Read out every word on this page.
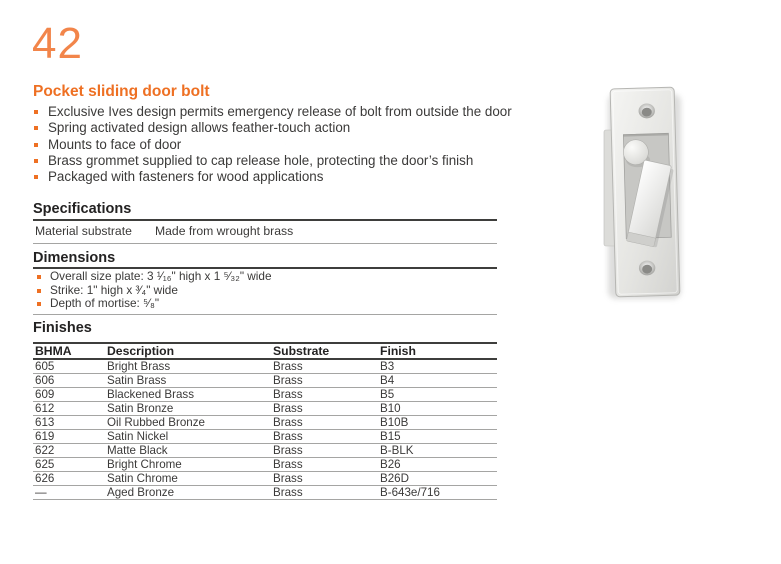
42
Pocket sliding door bolt
Exclusive Ives design permits emergency release of bolt from outside the door
Spring activated design allows feather-touch action
Mounts to face of door
Brass grommet supplied to cap release hole, protecting the door’s finish
Packaged with fasteners for wood applications
Specifications
Material substrate	Made from wrought brass
Dimensions
Overall size plate: 3 ¹⁄₁₆" high x 1 ⁵⁄₃₂" wide
Strike: 1" high x ³⁄₄" wide
Depth of mortise: ⁵⁄₈"
Finishes
BHMA	Description	Substrate	Finish
605	Bright Brass	Brass	B3
606	Satin Brass	Brass	B4
609	Blackened Brass	Brass	B5
612	Satin Bronze	Brass	B10
613	Oil Rubbed Bronze	Brass	B10B
619	Satin Nickel	Brass	B15
622	Matte Black	Brass	B-BLK
625	Bright Chrome	Brass	B26
626	Satin Chrome	Brass	B26D
—	Aged Bronze	Brass	B-643e/716
